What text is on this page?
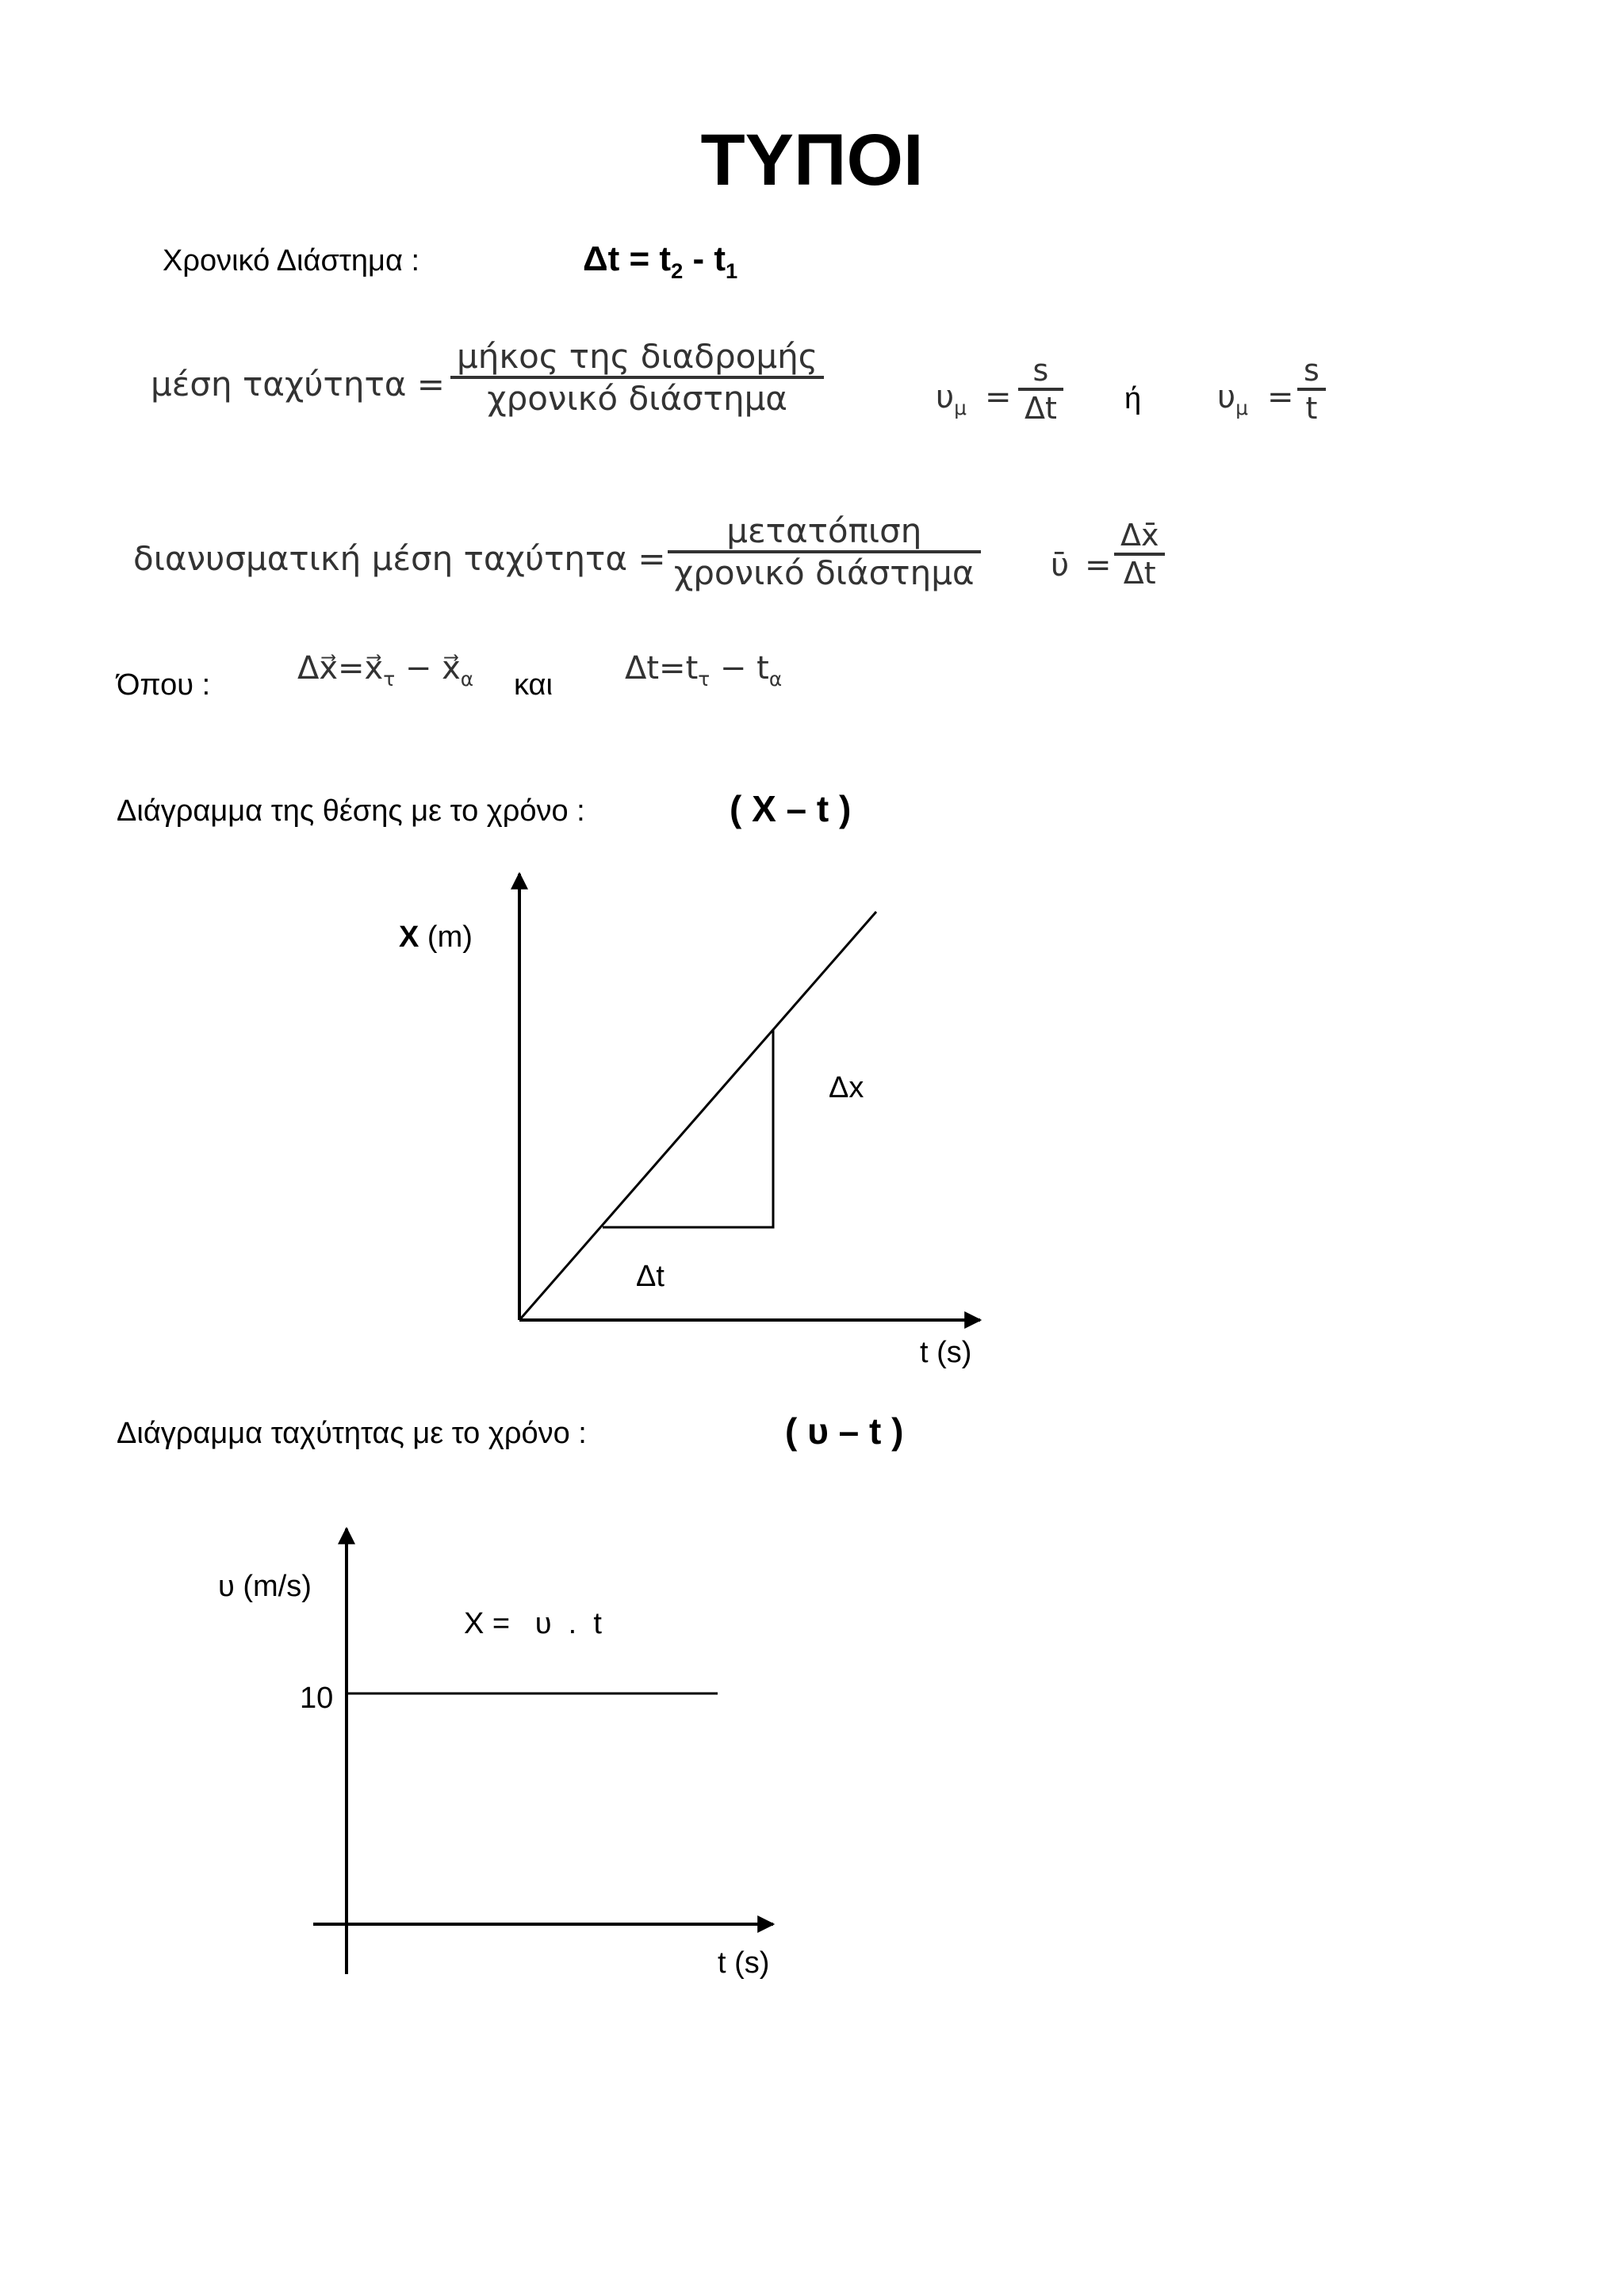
ΤΥΠΟΙ
Χρονικό Διάστημα :	$\Delta t = t_2 - t_1$
μέση ταχύτητα =
μήκος της διαδρομής
χρονικό διάστημα	$\upsilon_\mu$ =
s
Δt ή $\upsilon_\mu$ =
s
t
διανυσματική μέση ταχύτητα =
μετατόπιση
χρονικό διάστημα ῡ =
Δx̄
Δt
Όπου :	$\Delta x⃗=x⃗_\tau$ − $x⃗_\alpha$ και $\Delta t=t_\tau - t_\alpha$
Διάγραμμα της θέσης με το χρόνο :	( X – t )
X (m)
t (s)
Δx
Δt
υ (m/s)
10
X =   υ  .  t
t (s)
Διάγραμμα ταχύτητας με το χρόνο :	( υ – t )
